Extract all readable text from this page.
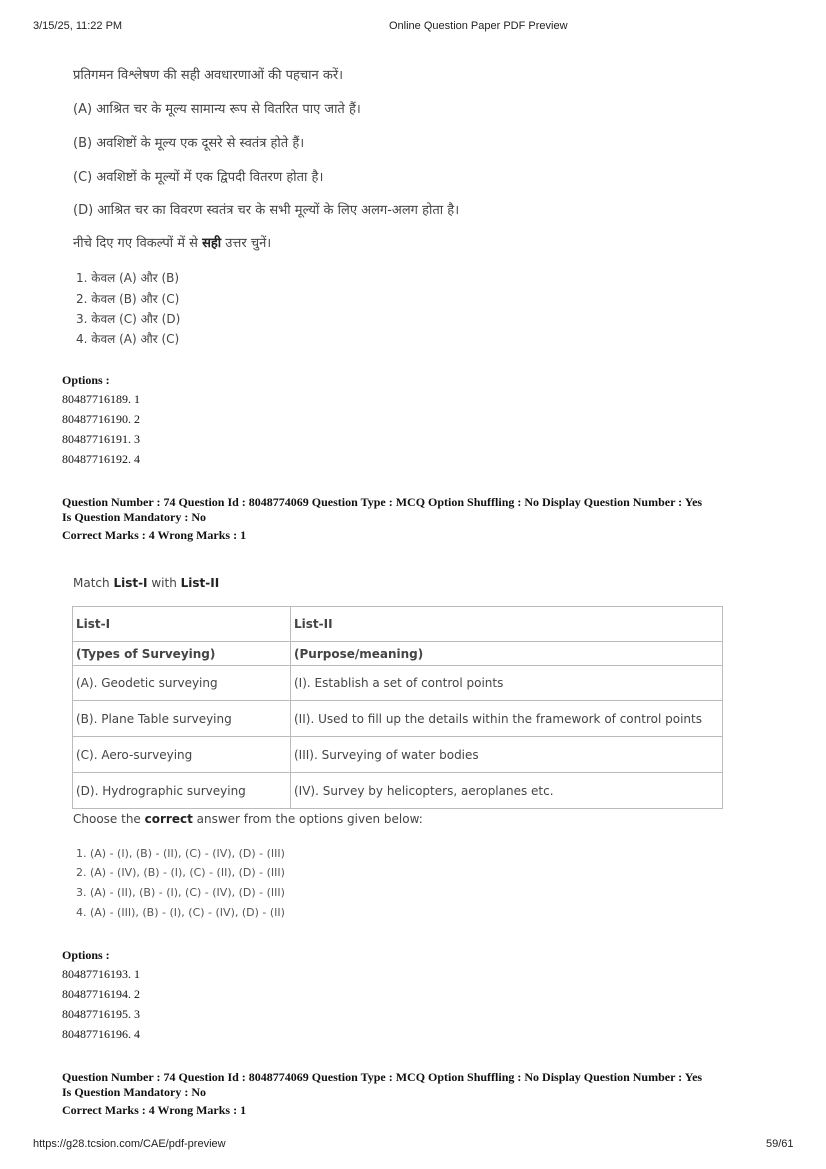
3/15/25, 11:22 PM	Online Question Paper PDF Preview
प्रतिगमन विश्लेषण की सही अवधारणाओं की पहचान करें।
(A) आश्रित चर के मूल्य सामान्य रूप से वितरित पाए जाते हैं।
(B) अवशिष्टों के मूल्य एक दूसरे से स्वतंत्र होते हैं।
(C) अवशिष्टों के मूल्यों में एक द्विपदी वितरण होता है।
(D) आश्रित चर का विवरण स्वतंत्र चर के सभी मूल्यों के लिए अलग-अलग होता है।
नीचे दिए गए विकल्पों में से सही उत्तर चुनें।
1. केवल (A) और (B)
2. केवल (B) और (C)
3. केवल (C) और (D)
4. केवल (A) और (C)
Options :
80487716189. 1
80487716190. 2
80487716191. 3
80487716192. 4
Question Number : 74 Question Id : 8048774069 Question Type : MCQ Option Shuffling : No Display Question Number : Yes
Is Question Mandatory : No
Correct Marks : 4 Wrong Marks : 1
Match List-I with List-II
List-I	List-II
(Types of Surveying)	(Purpose/meaning)
(A). Geodetic surveying	(I). Establish a set of control points
(B). Plane Table surveying	(II). Used to fill up the details within the framework of control points
(C). Aero-surveying	(III). Surveying of water bodies
(D). Hydrographic surveying	(IV). Survey by helicopters, aeroplanes etc.
Choose the correct answer from the options given below:
1. (A) - (I), (B) - (II), (C) - (IV), (D) - (III)
2. (A) - (IV), (B) - (I), (C) - (II), (D) - (III)
3. (A) - (II), (B) - (I), (C) - (IV), (D) - (III)
4. (A) - (III), (B) - (I), (C) - (IV), (D) - (II)
Options :
80487716193. 1
80487716194. 2
80487716195. 3
80487716196. 4
Question Number : 74 Question Id : 8048774069 Question Type : MCQ Option Shuffling : No Display Question Number : Yes
Is Question Mandatory : No
Correct Marks : 4 Wrong Marks : 1
https://g28.tcsion.com/CAE/pdf-preview	59/61
